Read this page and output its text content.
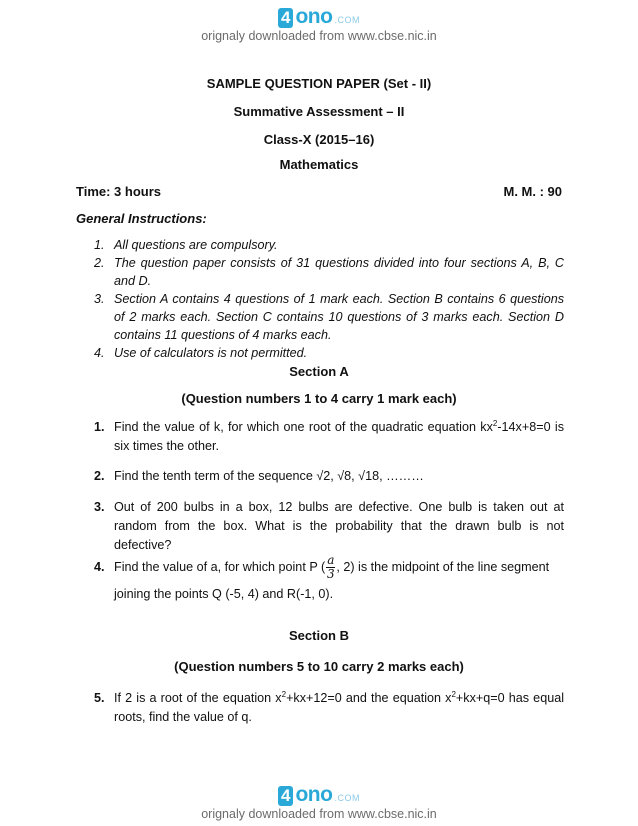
4 ono .COM
orignaly downloaded from www.cbse.nic.in
SAMPLE QUESTION PAPER (Set - II)
Summative Assessment – II
Class-X (2015–16)
Mathematics
Time: 3 hours	M. M. : 90
General Instructions:
1. All questions are compulsory.
2. The question paper consists of 31 questions divided into four sections A, B, C and D.
3. Section A contains 4 questions of 1 mark each. Section B contains 6 questions of 2 marks each. Section C contains 10 questions of 3 marks each. Section D contains 11 questions of 4 marks each.
4. Use of calculators is not permitted.
Section A
(Question numbers 1 to 4 carry 1 mark each)
1. Find the value of k, for which one root of the quadratic equation $kx^2-14x+8=0$ is six times the other.
2. Find the tenth term of the sequence √2, √8, √18, ………
3. Out of 200 bulbs in a box, 12 bulbs are defective. One bulb is taken out at random from the box. What is the probability that the drawn bulb is not defective?
4. Find the value of a, for which point P ( $\frac{a}{3}$ , 2) is the midpoint of the line segment
joining the points Q (-5, 4) and R(-1, 0).
Section B
(Question numbers 5 to 10 carry 2 marks each)
5. If 2 is a root of the equation $x^2+kx+12=0$ and the equation $x^2+kx+q=0$ has equal roots, find the value of q.
4 ono .COM
orignaly downloaded from www.cbse.nic.in
